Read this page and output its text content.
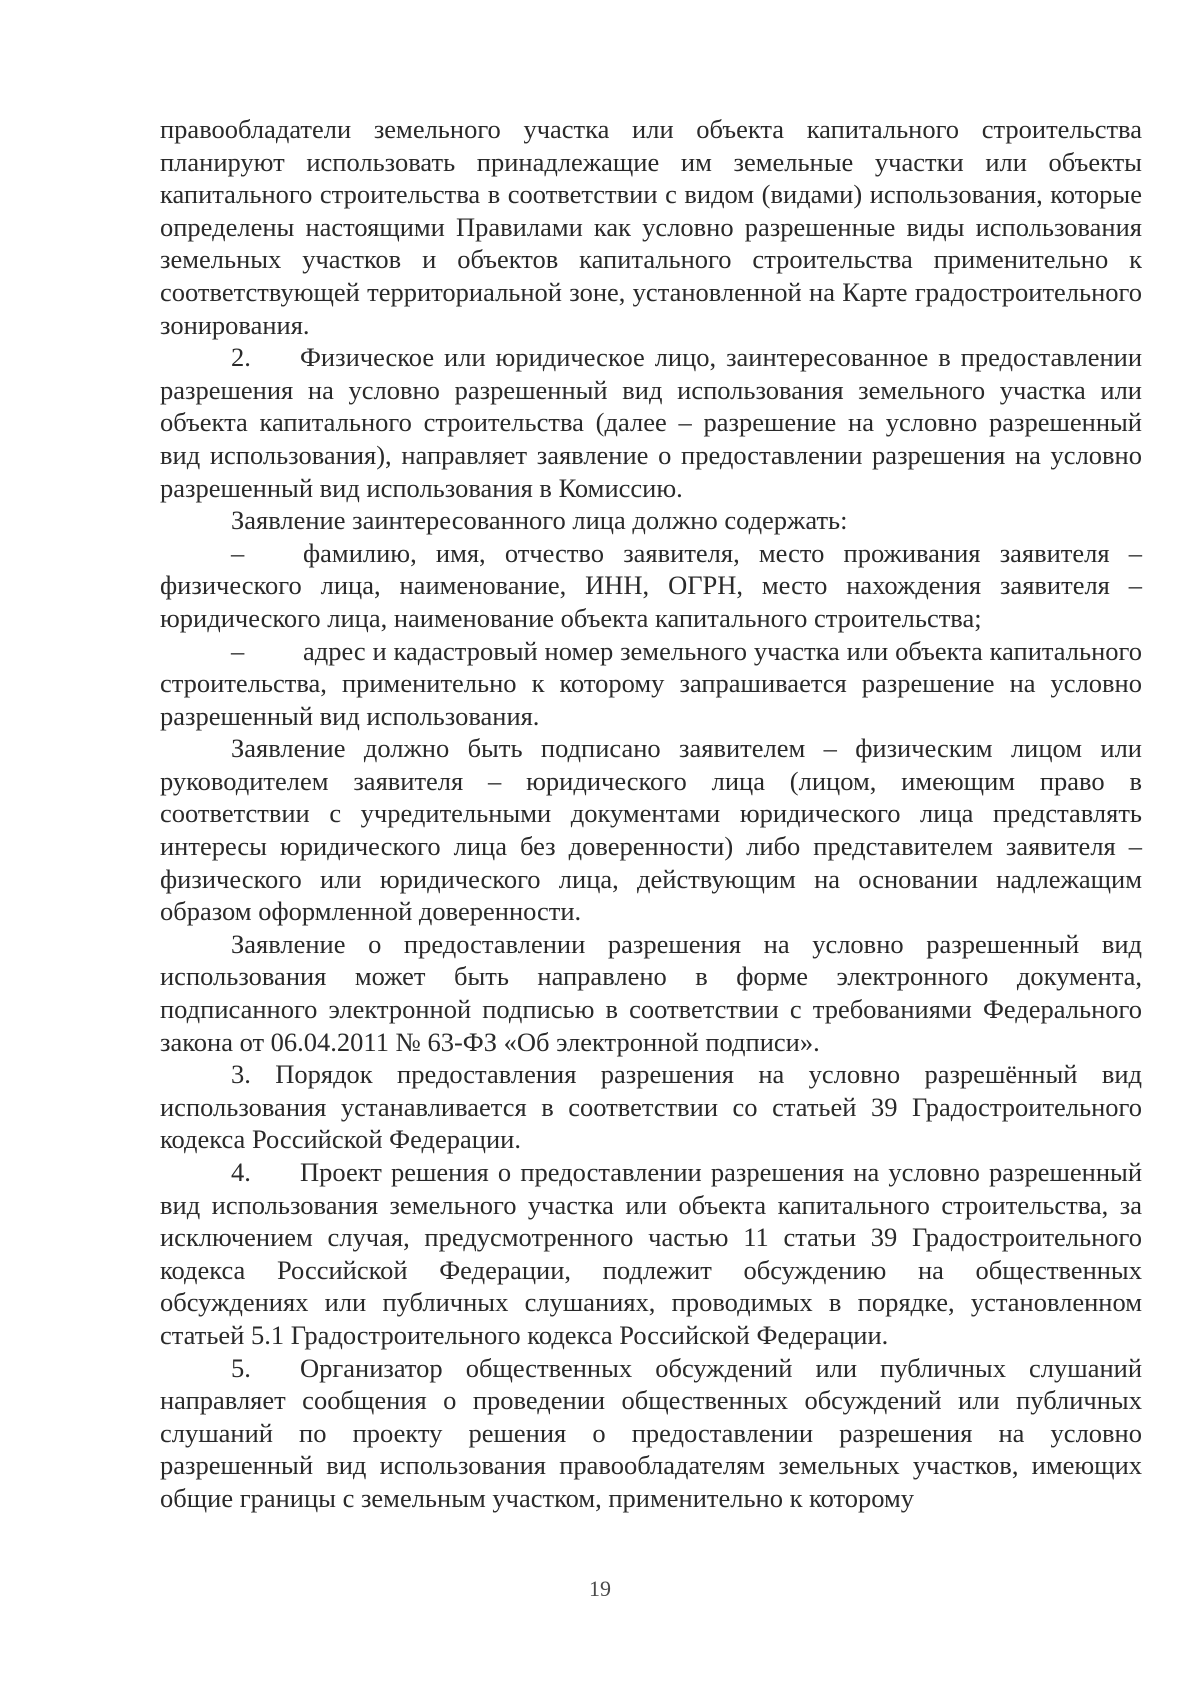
правообладатели земельного участка или объекта капитального строительства планируют использовать принадлежащие им земельные участки или объекты капитального строительства в соответствии с видом (видами) использования, которые определены настоящими Правилами как условно разрешенные виды использования земельных участков и объектов капитального строительства применительно к соответствующей территориальной зоне, установленной на Карте градостроительного зонирования.

2. Физическое или юридическое лицо, заинтересованное в предоставлении разрешения на условно разрешенный вид использования земельного участка или объекта капитального строительства (далее – разрешение на условно разрешенный вид использования), направляет заявление о предоставлении разрешения на условно разрешенный вид использования в Комиссию.

Заявление заинтересованного лица должно содержать:

– фамилию, имя, отчество заявителя, место проживания заявителя – физического лица, наименование, ИНН, ОГРН, место нахождения заявителя – юридического лица, наименование объекта капитального строительства;

– адрес и кадастровый номер земельного участка или объекта капитального строительства, применительно к которому запрашивается разрешение на условно разрешенный вид использования.

Заявление должно быть подписано заявителем – физическим лицом или руководителем заявителя – юридического лица (лицом, имеющим право в соответствии с учредительными документами юридического лица представлять интересы юридического лица без доверенности) либо представителем заявителя – физического или юридического лица, действующим на основании надлежащим образом оформленной доверенности.

Заявление о предоставлении разрешения на условно разрешенный вид использования может быть направлено в форме электронного документа, подписанного электронной подписью в соответствии с требованиями Федерального закона от 06.04.2011 № 63-ФЗ «Об электронной подписи».

3. Порядок предоставления разрешения на условно разрешённый вид использования устанавливается в соответствии со статьей 39 Градостроительного кодекса Российской Федерации.

4. Проект решения о предоставлении разрешения на условно разрешенный вид использования земельного участка или объекта капитального строительства, за исключением случая, предусмотренного частью 11 статьи 39 Градостроительного кодекса Российской Федерации, подлежит обсуждению на общественных обсуждениях или публичных слушаниях, проводимых в порядке, установленном статьей 5.1 Градостроительного кодекса Российской Федерации.

5. Организатор общественных обсуждений или публичных слушаний направляет сообщения о проведении общественных обсуждений или публичных слушаний по проекту решения о предоставлении разрешения на условно разрешенный вид использования правообладателям земельных участков, имеющих общие границы с земельным участком, применительно к которому

19
